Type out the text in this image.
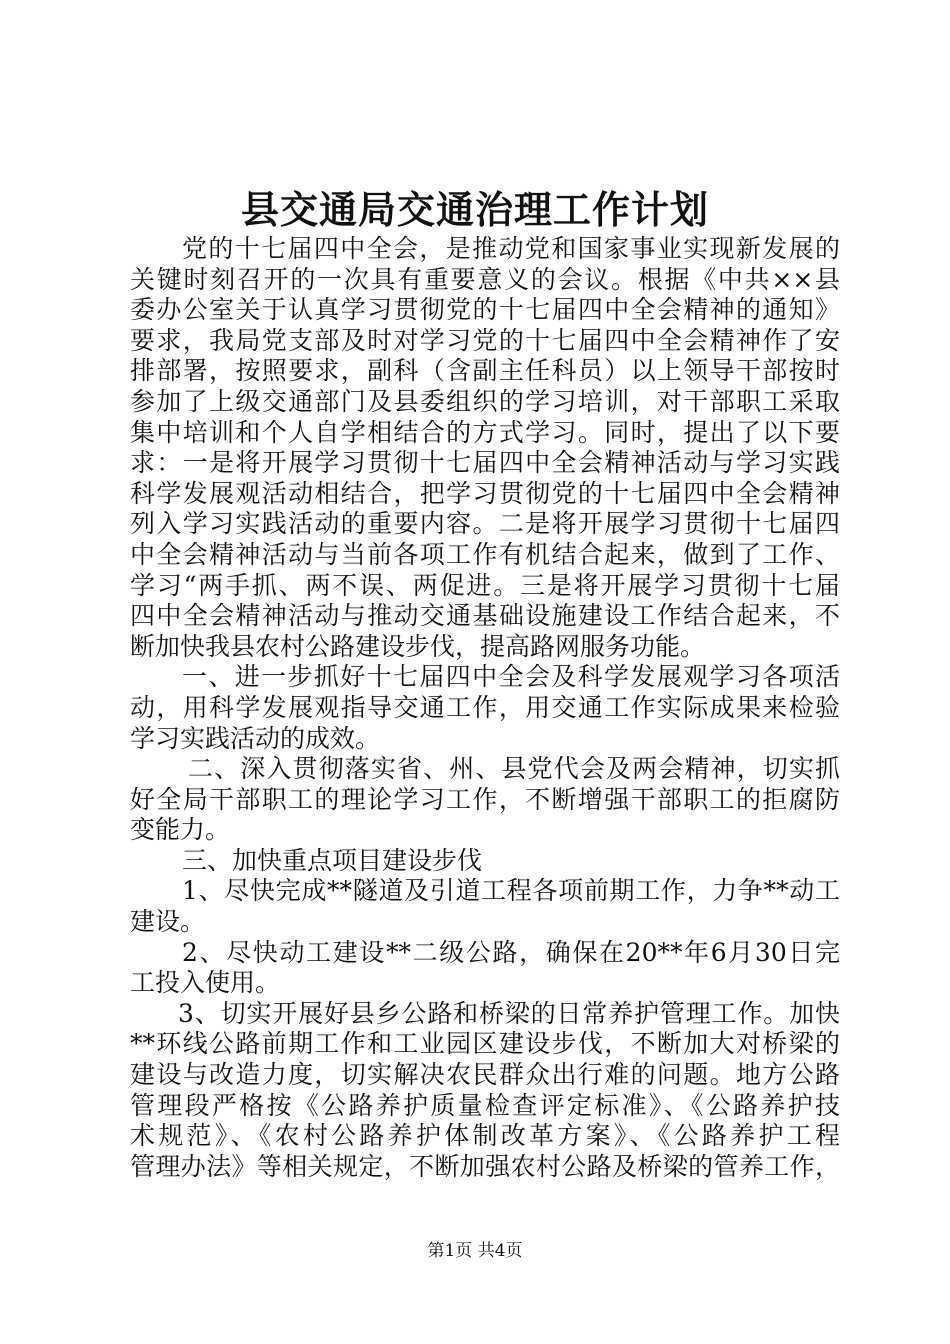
县交通局交通治理工作计划
党的十七届四中全会，是推动党和国家事业实现新发展的
关键时刻召开的一次具有重要意义的会议。根据《中共××县
委办公室关于认真学习贯彻党的十七届四中全会精神的通知》
要求，我局党支部及时对学习党的十七届四中全会精神作了安
排部署，按照要求，副科（含副主任科员）以上领导干部按时
参加了上级交通部门及县委组织的学习培训，对干部职工采取
集中培训和个人自学相结合的方式学习。同时，提出了以下要
求：一是将开展学习贯彻十七届四中全会精神活动与学习实践
科学发展观活动相结合，把学习贯彻党的十七届四中全会精神
列入学习实践活动的重要内容。二是将开展学习贯彻十七届四
中全会精神活动与当前各项工作有机结合起来，做到了工作、
学习“两手抓、两不误、两促进。三是将开展学习贯彻十七届
四中全会精神活动与推动交通基础设施建设工作结合起来，不
断加快我县农村公路建设步伐，提高路网服务功能。
一、进一步抓好十七届四中全会及科学发展观学习各项活
动，用科学发展观指导交通工作，用交通工作实际成果来检验
学习实践活动的成效。
二、深入贯彻落实省、州、县党代会及两会精神，切实抓
好全局干部职工的理论学习工作，不断增强干部职工的拒腐防
变能力。
三、加快重点项目建设步伐
1、尽快完成**隧道及引道工程各项前期工作，力争**动工
建设。
2、尽快动工建设**二级公路，确保在20**年6月30日完
工投入使用。
3、切实开展好县乡公路和桥梁的日常养护管理工作。加快
**环线公路前期工作和工业园区建设步伐，不断加大对桥梁的
建设与改造力度，切实解决农民群众出行难的问题。地方公路
管理段严格按《公路养护质量检查评定标准》、《公路养护技
术规范》、《农村公路养护体制改革方案》、《公路养护工程
管理办法》等相关规定，不断加强农村公路及桥梁的管养工作，
第1页 共4页
